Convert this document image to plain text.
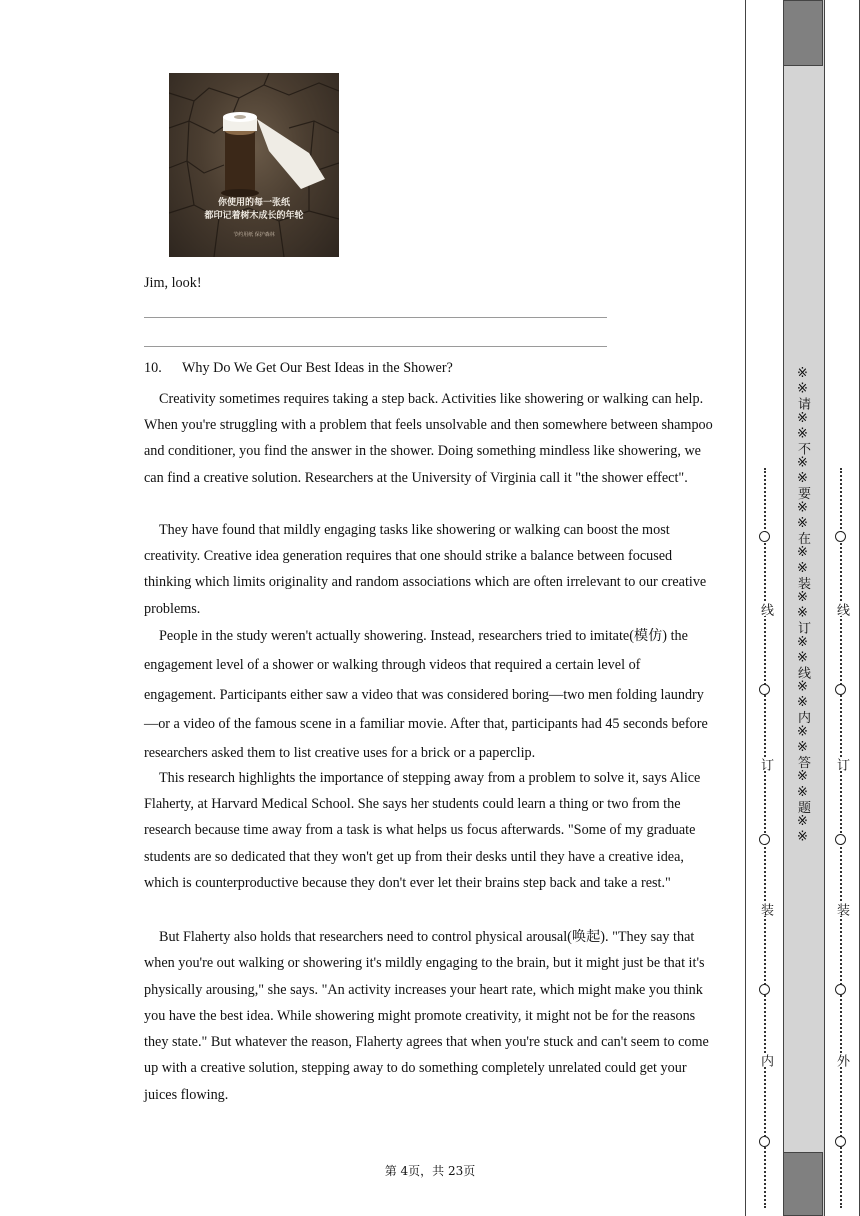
你使用的每一张纸
都印记着树木成长的年轮
节约用纸 保护森林
Jim, look!
10. Why Do We Get Our Best Ideas in the Shower?
Creativity sometimes requires taking a step back. Activities like showering or walking can help. When you're struggling with a problem that feels unsolvable and then somewhere between shampoo and conditioner, you find the answer in the shower. Doing something mindless like showering, we can find a creative solution. Researchers at the University of Virginia call it "the shower effect".
They have found that mildly engaging tasks like showering or walking can boost the most creativity. Creative idea generation requires that one should strike a balance between focused thinking which limits originality and random associations which are often irrelevant to our creative problems.
People in the study weren't actually showering. Instead, researchers tried to imitate(模仿) the engagement level of a shower or walking through videos that required a certain level of engagement. Participants either saw a video that was considered boring—two men folding laundry—or a video of the famous scene in a familiar movie. After that, participants had 45 seconds before researchers asked them to list creative uses for a brick or a paperclip.
This research highlights the importance of stepping away from a problem to solve it, says Alice Flaherty, at Harvard Medical School. She says her students could learn a thing or two from the research because time away from a task is what helps us focus afterwards. "Some of my graduate students are so dedicated that they won't get up from their desks until they have a creative idea, which is counterproductive because they don't ever let their brains step back and take a rest."
But Flaherty also holds that researchers need to control physical arousal(唤起). "They say that when you're out walking or showering it's mildly engaging to the brain, but it might just be that it's physically arousing," she says. "An activity increases your heart rate, which might make you think you have the best idea. While showering might promote creativity, it might not be for the reasons they state." But whatever the reason, Flaherty agrees that when you're stuck and can't seem to come up with a creative solution, stepping away to do something completely unrelated could get your juices flowing.
第 4页，共 23页
内
装
订
线 ※※请※※不※※要※※在※※装※※订※※线※※内※※答※※题※※
外
装
订
线
